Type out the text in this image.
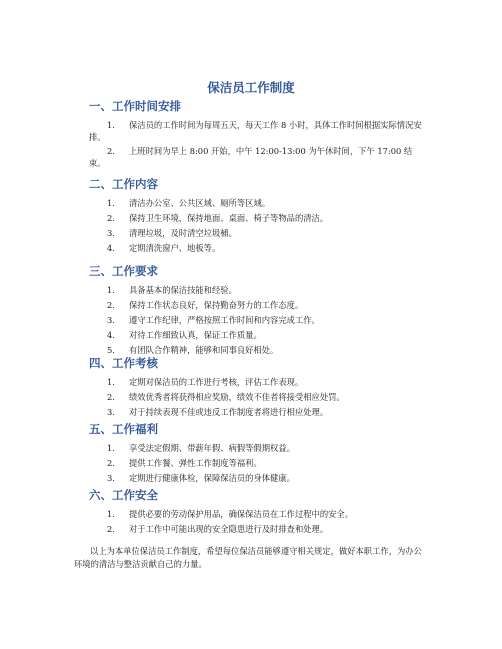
保洁员工作制度
一、工作时间安排
1.	保洁员的工作时间为每周五天，每天工作 8 小时，具体工作时间根据实际情况安排。
2.	上班时间为早上 8:00 开始，中午 12:00-13:00 为午休时间，下午 17:00 结束。
二、工作内容
1.	清洁办公室、公共区域、厕所等区域。
2.	保持卫生环境，保持地面、桌面、椅子等物品的清洁。
3.	清理垃圾，及时清空垃圾桶。
4.	定期清洗窗户、地板等。
三、工作要求
1.	具备基本的保洁技能和经验。
2.	保持工作状态良好，保持勤奋努力的工作态度。
3.	遵守工作纪律，严格按照工作时间和内容完成工作。
4.	对待工作细致认真，保证工作质量。
5.	有团队合作精神，能够和同事良好相处。
四、工作考核
1.	定期对保洁员的工作进行考核，评估工作表现。
2.	绩效优秀者将获得相应奖励，绩效不佳者将接受相应处罚。
3.	对于持续表现不佳或违反工作制度者将进行相应处理。
五、工作福利
1.	享受法定假期、带薪年假、病假等假期权益。
2.	提供工作餐、弹性工作制度等福利。
3.	定期进行健康体检，保障保洁员的身体健康。
六、工作安全
1.	提供必要的劳动保护用品，确保保洁员在工作过程中的安全。
2.	对于工作中可能出现的安全隐患进行及时排查和处理。
以上为本单位保洁员工作制度，希望每位保洁员能够遵守相关规定，做好本职工作，为办公环境的清洁与整洁贡献自己的力量。
